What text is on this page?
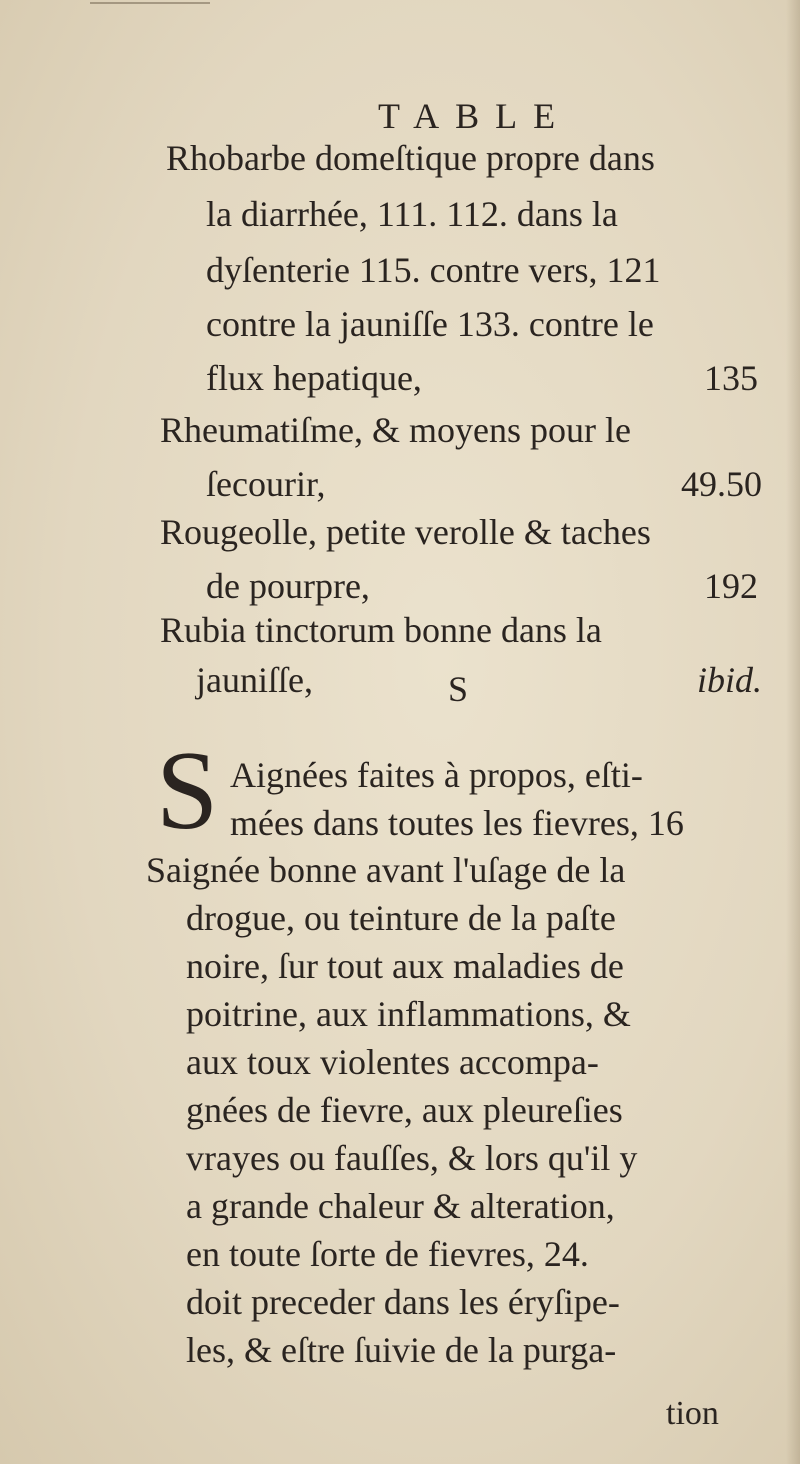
TABLE

Rhobarbe domeſtique propre dans

la diarrhée, 111. 112. dans la

dyſenterie 115. contre vers, 121

contre la jauniſſe 133. contre le

flux hepatique,	135

Rheumatiſme, & moyens pour le

ſecourir,	49.50

Rougeolle, petite verolle & taches

de pourpre,	192

Rubia tinctorum bonne dans la

jauniſſe,	ibid.
S
S Aignées faites à propos, eſti-

mées dans toutes les fievres, 16

Saignée bonne avant l'uſage de la

drogue, ou teinture de la paſte

noire, ſur tout aux maladies de

poitrine, aux inflammations, &

aux toux violentes accompa-

gnées de fievre, aux pleureſies

vrayes ou fauſſes, & lors qu'il y

a grande chaleur & alteration,

en toute ſorte de fievres, 24.

doit preceder dans les éryſipe-

les, & eſtre ſuivie de la purga-

tion
